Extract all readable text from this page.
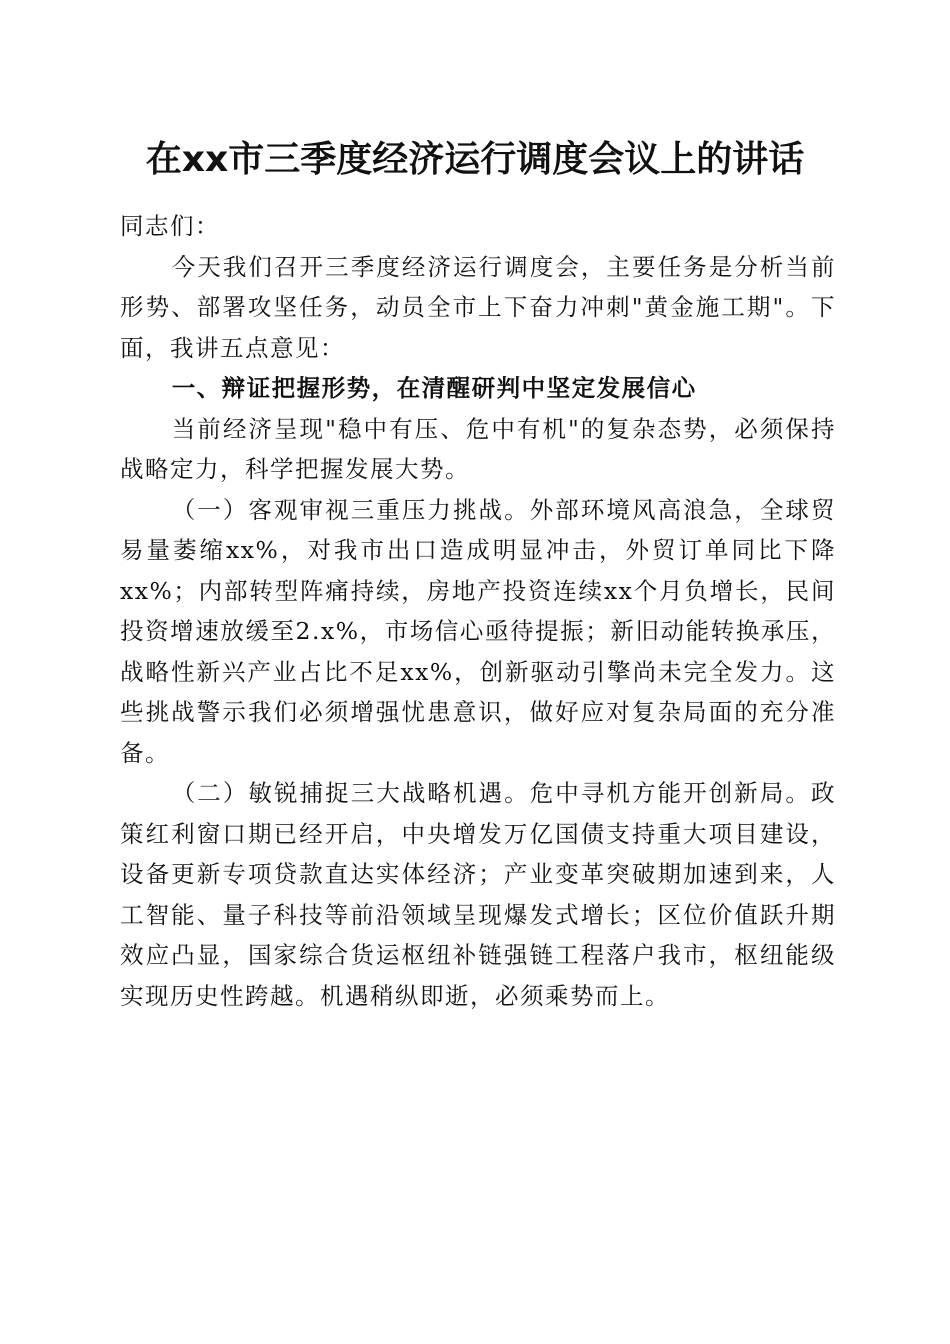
在xx市三季度经济运行调度会议上的讲话

同志们：

今天我们召开三季度经济运行调度会，主要任务是分析当前形势、部署攻坚任务，动员全市上下奋力冲刺"黄金施工期"。下面，我讲五点意见：

一、辩证把握形势，在清醒研判中坚定发展信心

当前经济呈现"稳中有压、危中有机"的复杂态势，必须保持战略定力，科学把握发展大势。

（一）客观审视三重压力挑战。外部环境风高浪急，全球贸易量萎缩xx%，对我市出口造成明显冲击，外贸订单同比下降xx%；内部转型阵痛持续，房地产投资连续xx个月负增长，民间投资增速放缓至2.x%，市场信心亟待提振；新旧动能转换承压，战略性新兴产业占比不足xx%，创新驱动引擎尚未完全发力。这些挑战警示我们必须增强忧患意识，做好应对复杂局面的充分准备。

（二）敏锐捕捉三大战略机遇。危中寻机方能开创新局。政策红利窗口期已经开启，中央增发万亿国债支持重大项目建设，设备更新专项贷款直达实体经济；产业变革突破期加速到来，人工智能、量子科技等前沿领域呈现爆发式增长；区位价值跃升期效应凸显，国家综合货运枢纽补链强链工程落户我市，枢纽能级实现历史性跨越。机遇稍纵即逝，必须乘势而上。
